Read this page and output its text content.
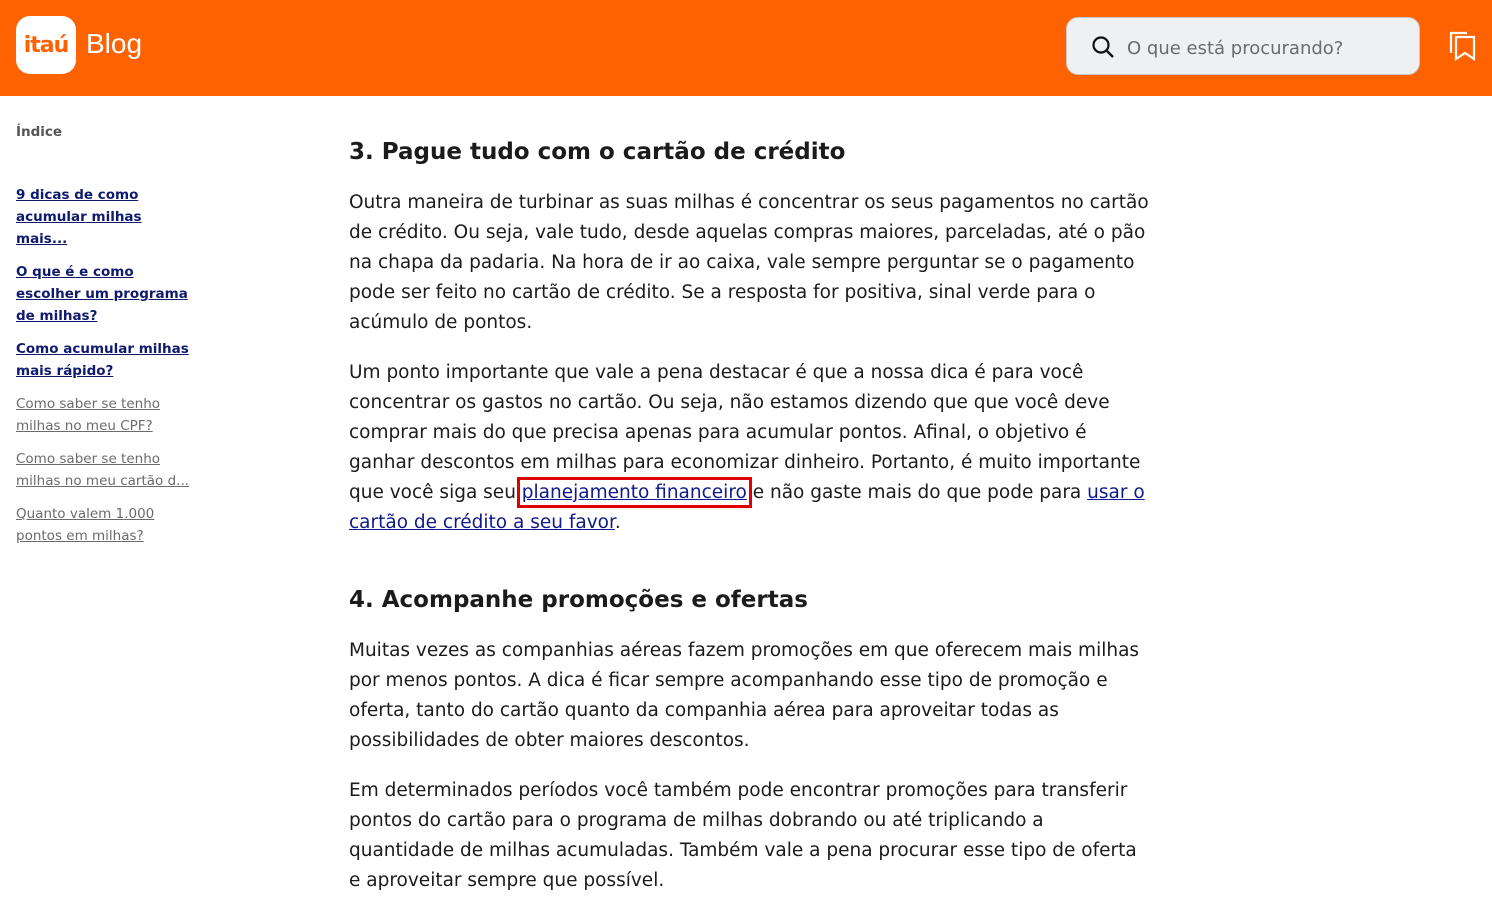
itaú Blog
O que está procurando?
Índice
9 dicas de como acumular milhas mais...
O que é e como escolher um programa de milhas?
Como acumular milhas mais rápido?
Como saber se tenho milhas no meu CPF?
Como saber se tenho milhas no meu cartão d...
Quanto valem 1.000 pontos em milhas?
3. Pague tudo com o cartão de crédito

Outra maneira de turbinar as suas milhas é concentrar os seus pagamentos no cartão de crédito. Ou seja, vale tudo, desde aquelas compras maiores, parceladas, até o pão na chapa da padaria. Na hora de ir ao caixa, vale sempre perguntar se o pagamento pode ser feito no cartão de crédito. Se a resposta for positiva, sinal verde para o acúmulo de pontos.

Um ponto importante que vale a pena destacar é que a nossa dica é para você concentrar os gastos no cartão. Ou seja, não estamos dizendo que que você deve comprar mais do que precisa apenas para acumular pontos. Afinal, o objetivo é ganhar descontos em milhas para economizar dinheiro. Portanto, é muito importante que você siga seu planejamento financeiro e não gaste mais do que pode para usar o cartão de crédito a seu favor.

4. Acompanhe promoções e ofertas

Muitas vezes as companhias aéreas fazem promoções em que oferecem mais milhas por menos pontos. A dica é ficar sempre acompanhando esse tipo de promoção e oferta, tanto do cartão quanto da companhia aérea para aproveitar todas as possibilidades de obter maiores descontos.

Em determinados períodos você também pode encontrar promoções para transferir pontos do cartão para o programa de milhas dobrando ou até triplicando a quantidade de milhas acumuladas. Também vale a pena procurar esse tipo de oferta e aproveitar sempre que possível.
